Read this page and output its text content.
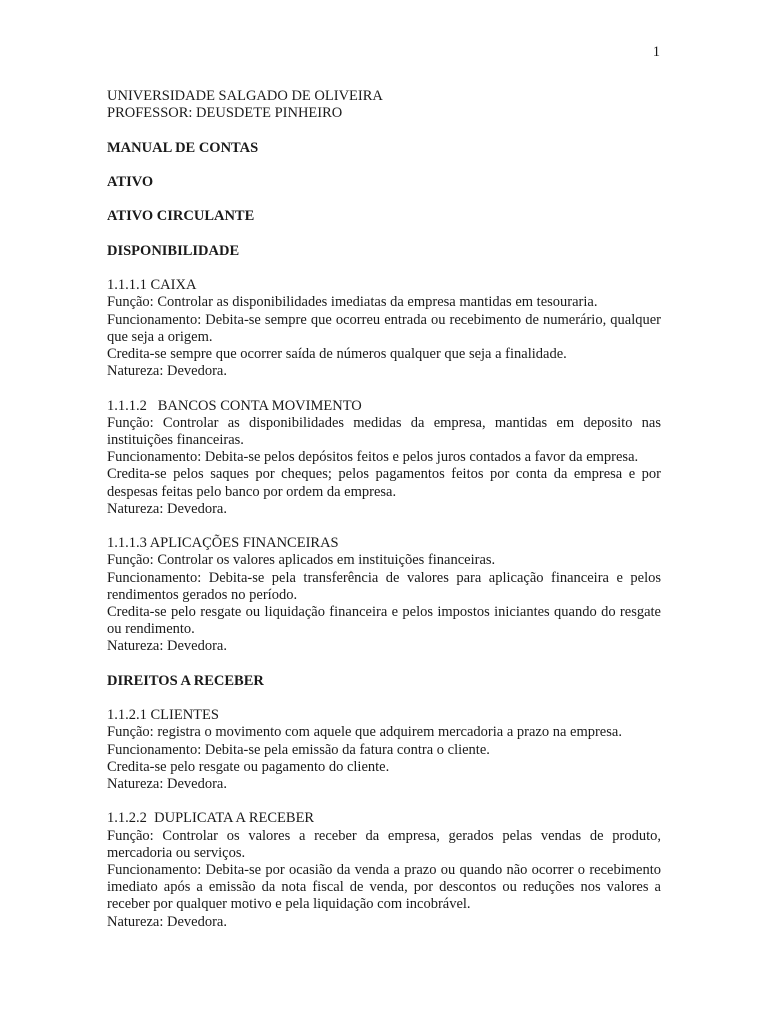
1

UNIVERSIDADE SALGADO DE OLIVEIRA

PROFESSOR: DEUSDETE PINHEIRO

MANUAL DE CONTAS

ATIVO

ATIVO CIRCULANTE

DISPONIBILIDADE

1.1.1.1 CAIXA

Função: Controlar as disponibilidades imediatas da empresa mantidas em tesouraria.

Funcionamento: Debita-se sempre que ocorreu entrada ou recebimento de numerário, qualquer que seja a origem.

Credita-se sempre que ocorrer saída de números qualquer que seja a finalidade.

Natureza: Devedora.

1.1.1.2   BANCOS CONTA MOVIMENTO

Função: Controlar as disponibilidades medidas da empresa, mantidas em deposito nas instituições financeiras.

Funcionamento: Debita-se pelos depósitos feitos e pelos juros contados a favor da empresa.

Credita-se pelos saques por cheques; pelos pagamentos feitos por conta da empresa e por despesas feitas pelo banco por ordem da empresa.

Natureza: Devedora.

1.1.1.3 APLICAÇÕES FINANCEIRAS

Função: Controlar os valores aplicados em instituições financeiras.

Funcionamento: Debita-se pela transferência de valores para aplicação financeira e pelos rendimentos gerados no período.

Credita-se pelo resgate ou liquidação financeira e pelos impostos iniciantes quando do resgate ou rendimento.

Natureza: Devedora.

DIREITOS A RECEBER

1.1.2.1 CLIENTES

Função: registra o movimento com aquele que adquirem mercadoria a prazo na empresa.

Funcionamento: Debita-se pela emissão da fatura contra o cliente.

Credita-se pelo resgate ou pagamento do cliente.

Natureza: Devedora.

1.1.2.2  DUPLICATA A RECEBER

Função: Controlar os valores a receber da empresa, gerados pelas vendas de produto, mercadoria ou serviços.

Funcionamento: Debita-se por ocasião da venda a prazo ou quando não ocorrer o recebimento imediato após a emissão da nota fiscal de venda, por descontos ou reduções nos valores a receber por qualquer motivo e pela liquidação com incobrável.

Natureza: Devedora.
